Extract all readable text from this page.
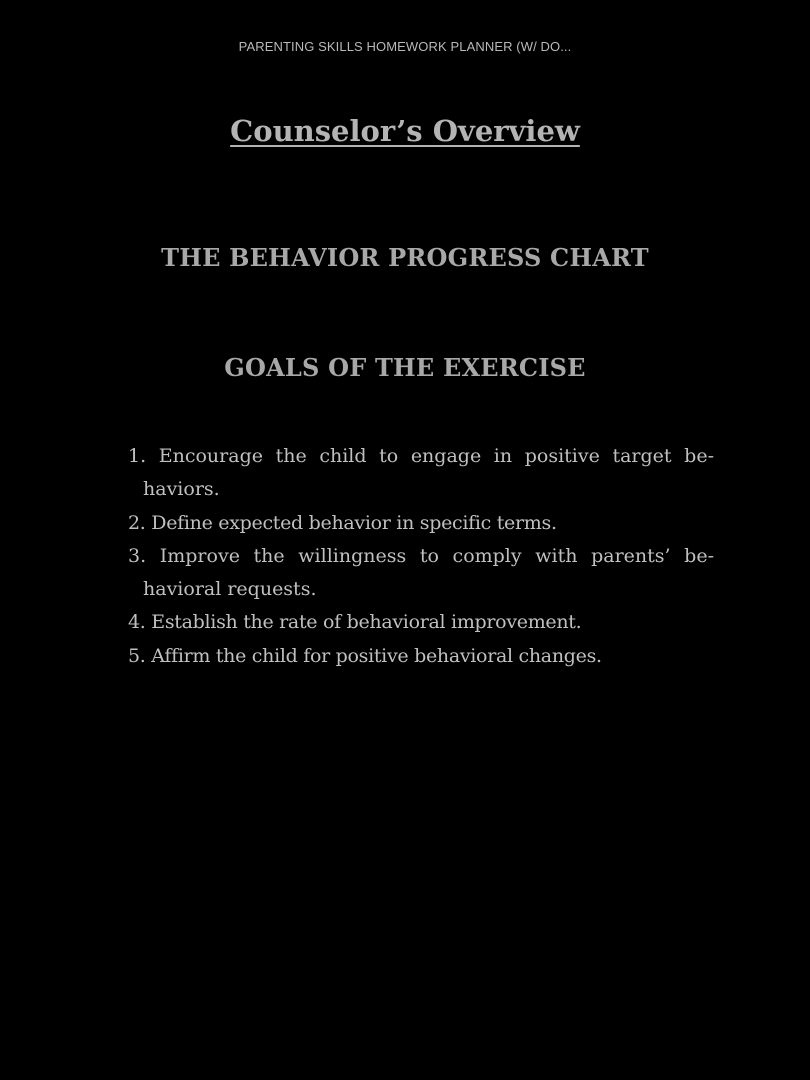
PARENTING SKILLS HOMEWORK PLANNER (W/ DO...
Counselor’s Overview
THE BEHAVIOR PROGRESS CHART
GOALS OF THE EXERCISE
1. Encourage the child to engage in positive target be-haviors.
2. Define expected behavior in specific terms.
3. Improve the willingness to comply with parents’ be-havioral requests.
4. Establish the rate of behavioral improvement.
5. Affirm the child for positive behavioral changes.
